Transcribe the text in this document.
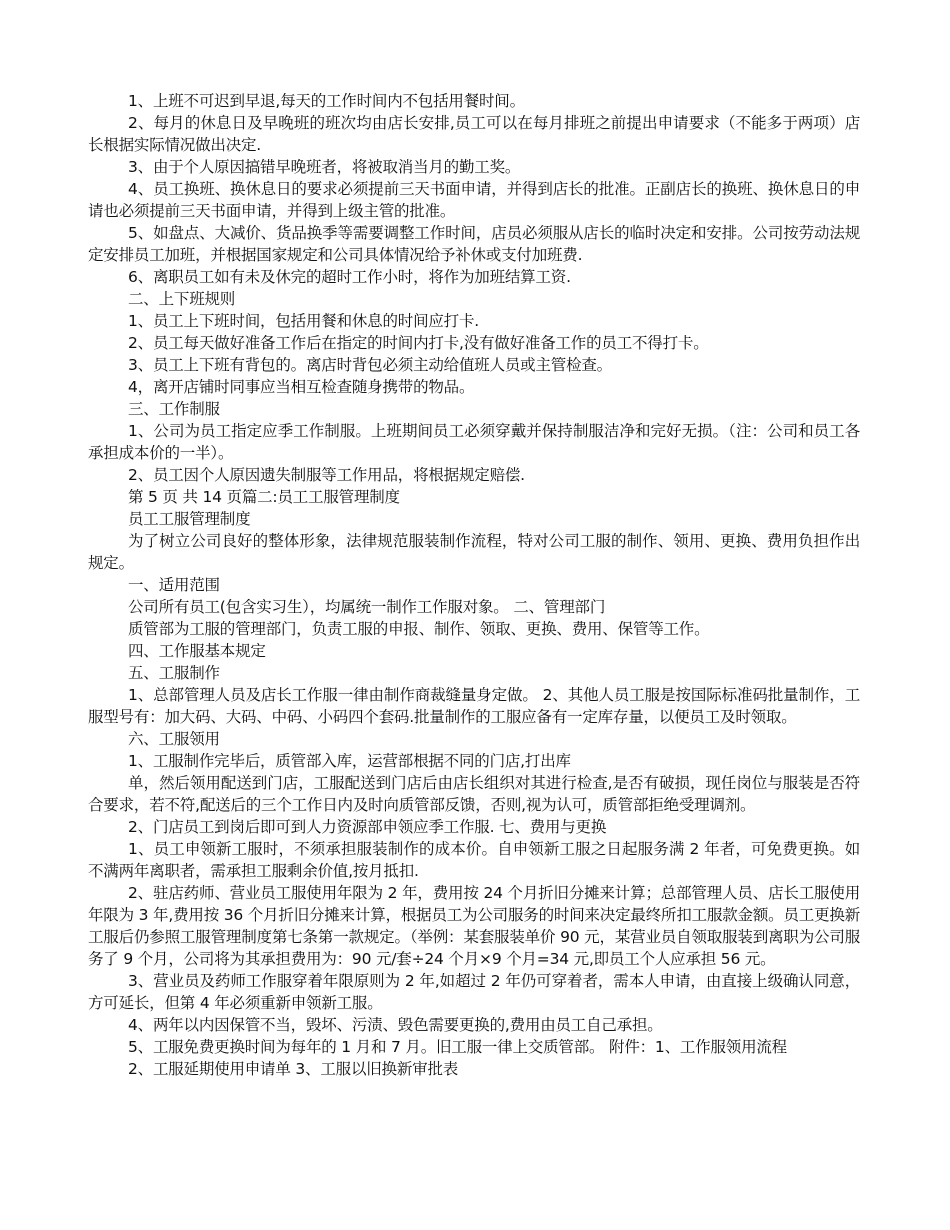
1、上班不可迟到早退,每天的工作时间内不包括用餐时间。

2、每月的休息日及早晚班的班次均由店长安排,员工可以在每月排班之前提出申请要求（不能多于两项）店长根据实际情况做出决定.

3、由于个人原因搞错早晚班者，将被取消当月的勤工奖。

4、员工换班、换休息日的要求必须提前三天书面申请，并得到店长的批准。正副店长的换班、换休息日的申请也必须提前三天书面申请，并得到上级主管的批准。

5、如盘点、大减价、货品换季等需要调整工作时间，店员必须服从店长的临时决定和安排。公司按劳动法规定安排员工加班，并根据国家规定和公司具体情况给予补休或支付加班费.

6、离职员工如有未及休完的超时工作小时，将作为加班结算工资.

二、上下班规则

1、员工上下班时间，包括用餐和休息的时间应打卡.

2、员工每天做好准备工作后在指定的时间内打卡,没有做好准备工作的员工不得打卡。

3、员工上下班有背包的。离店时背包必须主动给值班人员或主管检查。

4，离开店铺时同事应当相互检查随身携带的物品。

三、工作制服

1、公司为员工指定应季工作制服。上班期间员工必须穿戴并保持制服洁净和完好无损。（注：公司和员工各承担成本价的一半）。

2、员工因个人原因遗失制服等工作用品，将根据规定赔偿.

第 5 页 共 14 页篇二:员工工服管理制度

员工工服管理制度

为了树立公司良好的整体形象，法律规范服装制作流程，特对公司工服的制作、领用、更换、费用负担作出规定。

一、适用范围

公司所有员工(包含实习生），均属统一制作工作服对象。 二、管理部门

质管部为工服的管理部门，负责工服的申报、制作、领取、更换、费用、保管等工作。

四、工作服基本规定

五、工服制作

1、总部管理人员及店长工作服一律由制作商裁缝量身定做。 2、其他人员工服是按国际标准码批量制作，工服型号有：加大码、大码、中码、小码四个套码.批量制作的工服应备有一定库存量，以便员工及时领取。

六、工服领用

1、工服制作完毕后，质管部入库，运营部根据不同的门店,打出库

单，然后领用配送到门店，工服配送到门店后由店长组织对其进行检查,是否有破损，现任岗位与服装是否符合要求，若不符,配送后的三个工作日内及时向质管部反馈，否则,视为认可，质管部拒绝受理调剂。

2、门店员工到岗后即可到人力资源部申领应季工作服. 七、费用与更换

1、员工申领新工服时，不须承担服装制作的成本价。自申领新工服之日起服务满 2 年者，可免费更换。如不满两年离职者，需承担工服剩余价值,按月抵扣.

2、驻店药师、营业员工服使用年限为 2 年，费用按 24 个月折旧分摊来计算；总部管理人员、店长工服使用年限为 3 年,费用按 36 个月折旧分摊来计算，根据员工为公司服务的时间来决定最终所扣工服款金额。员工更换新工服后仍参照工服管理制度第七条第一款规定。（举例：某套服装单价 90 元，某营业员自领取服装到离职为公司服务了 9 个月，公司将为其承担费用为：90 元/套÷24 个月×9 个月=34 元,即员工个人应承担 56 元。

3、营业员及药师工作服穿着年限原则为 2 年,如超过 2 年仍可穿着者，需本人申请，由直接上级确认同意，方可延长，但第 4 年必须重新申领新工服。

4、两年以内因保管不当，毁坏、污渍、毁色需要更换的,费用由员工自己承担。

5、工服免费更换时间为每年的 1 月和 7 月。旧工服一律上交质管部。 附件：1、工作服领用流程

2、工服延期使用申请单 3、工服以旧换新审批表
